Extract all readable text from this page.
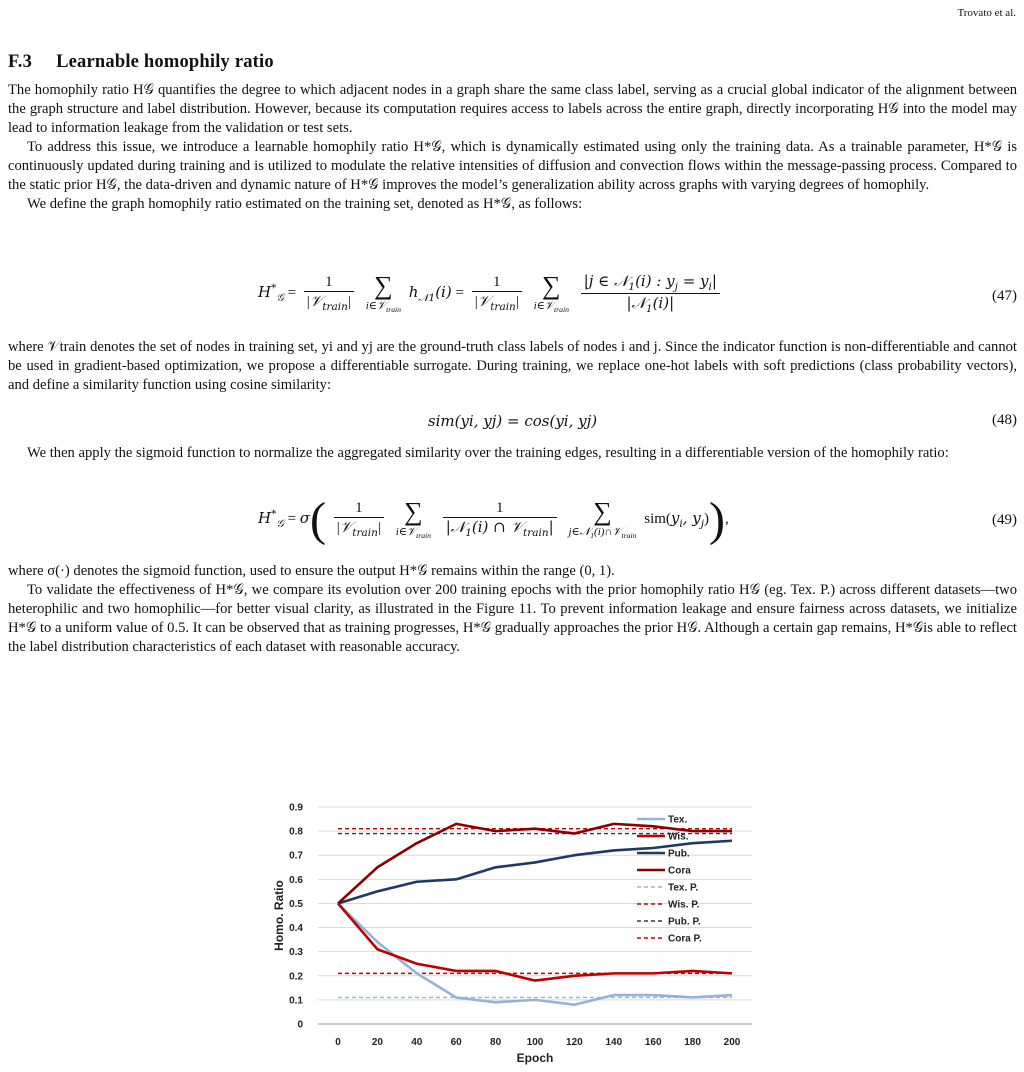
Trovato et al.
F.3 Learnable homophily ratio

The homophily ratio H𝒢 quantifies the degree to which adjacent nodes in a graph share the same class label, serving as a crucial global indicator of the alignment between the graph structure and label distribution. However, because its computation requires access to labels across the entire graph, directly incorporating H𝒢 into the model may lead to information leakage from the validation or test sets.

To address this issue, we introduce a learnable homophily ratio H*𝒢, which is dynamically estimated using only the training data. As a trainable parameter, H*𝒢 is continuously updated during training and is utilized to modulate the relative intensities of diffusion and convection flows within the message-passing process. Compared to the static prior H𝒢, the data-driven and dynamic nature of H*𝒢 improves the model’s generalization ability across graphs with varying degrees of homophily.

We define the graph homophily ratio estimated on the training set, denoted as H*𝒢, as follows:

$H^*_𝒢 = \frac{1}{|𝒱_{train}|}$
∑
i∈𝒱$_{train}$
$h_{𝒩1}(i) = \frac{1}{|𝒱_{train}|}$
∑
i∈𝒱$_{train}$
$\frac{|j \in 𝒩_1(i) : y_j = y_i|}{|𝒩_1(i)|}$	(47)

where 𝒱train denotes the set of nodes in training set, yi and yj are the ground-truth class labels of nodes i and j. Since the indicator function is non-differentiable and cannot be used in gradient-based optimization, we propose a differentiable surrogate. During training, we replace one-hot labels with soft predictions (class probability vectors), and define a similarity function using cosine similarity:

sim(yi, yj) = cos(yi, yj)	(48)

We then apply the sigmoid function to normalize the aggregated similarity over the training edges, resulting in a differentiable version of the homophily ratio:

$H^*_𝒢 = \sigma( \frac{1}{|𝒱_{train}|}$
∑
i∈𝒱$_{train}$
$\frac{1}{|𝒩_1(i) \cap 𝒱_{train}|}$
	∑
j∈𝒩$_1$(i)∩𝒱$_{train}$
$sim(y_i$, $y_j$)),	(49)

where σ(·) denotes the sigmoid function, used to ensure the output H*𝒢 remains within the range (0, 1).

To validate the effectiveness of H*𝒢, we compare its evolution over 200 training epochs with the prior homophily ratio H𝒢 (eg. Tex. P.) across different datasets—two heterophilic and two homophilic—for better visual clarity, as illustrated in the Figure 11. To prevent information leakage and ensure fairness across datasets, we initialize H*𝒢 to a uniform value of 0.5. It can be observed that as training progresses, H*𝒢 gradually approaches the prior H𝒢. Although a certain gap remains, H*𝒢is able to reflect the label distribution characteristics of each dataset with reasonable accuracy.

0
0.1
0.2
0.3
0.4
0.5
0.6
0.7
0.8
0.9
0	20	40	60	80	100 120 140 160 180 200
Epoch
Homo. Ratio
Tex.
Wis.
Pub.
Cora
Tex. P.
Wis. P.
Pub. P.
Cora P.
